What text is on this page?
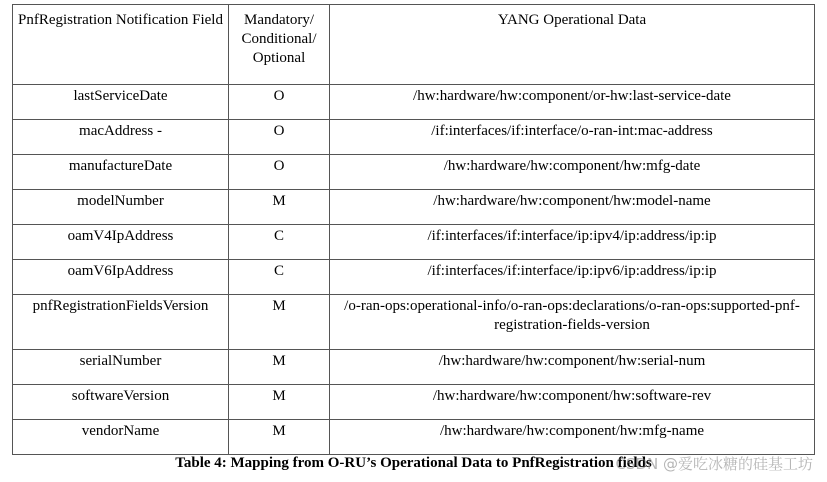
PnfRegistration Notification Field	Mandatory/ Conditional/ Optional	YANG Operational Data
lastServiceDate	O	/hw:hardware/hw:component/or-hw:last-service-date
macAddress -	O	/if:interfaces/if:interface/o-ran-int:mac-address
manufactureDate	O	/hw:hardware/hw:component/hw:mfg-date
modelNumber	M	/hw:hardware/hw:component/hw:model-name
oamV4IpAddress	C	/if:interfaces/if:interface/ip:ipv4/ip:address/ip:ip
oamV6IpAddress	C	/if:interfaces/if:interface/ip:ipv6/ip:address/ip:ip
pnfRegistrationFieldsVersion	M	/o-ran-ops:operational-info/o-ran-ops:declarations/o-ran-ops:supported-pnf-registration-fields-version
serialNumber	M	/hw:hardware/hw:component/hw:serial-num
softwareVersion	M	/hw:hardware/hw:component/hw:software-rev
vendorName	M	/hw:hardware/hw:component/hw:mfg-name
Table 4: Mapping from O-RU’s Operational Data to PnfRegistration fields
CSDN @爱吃冰糖的硅基工坊
